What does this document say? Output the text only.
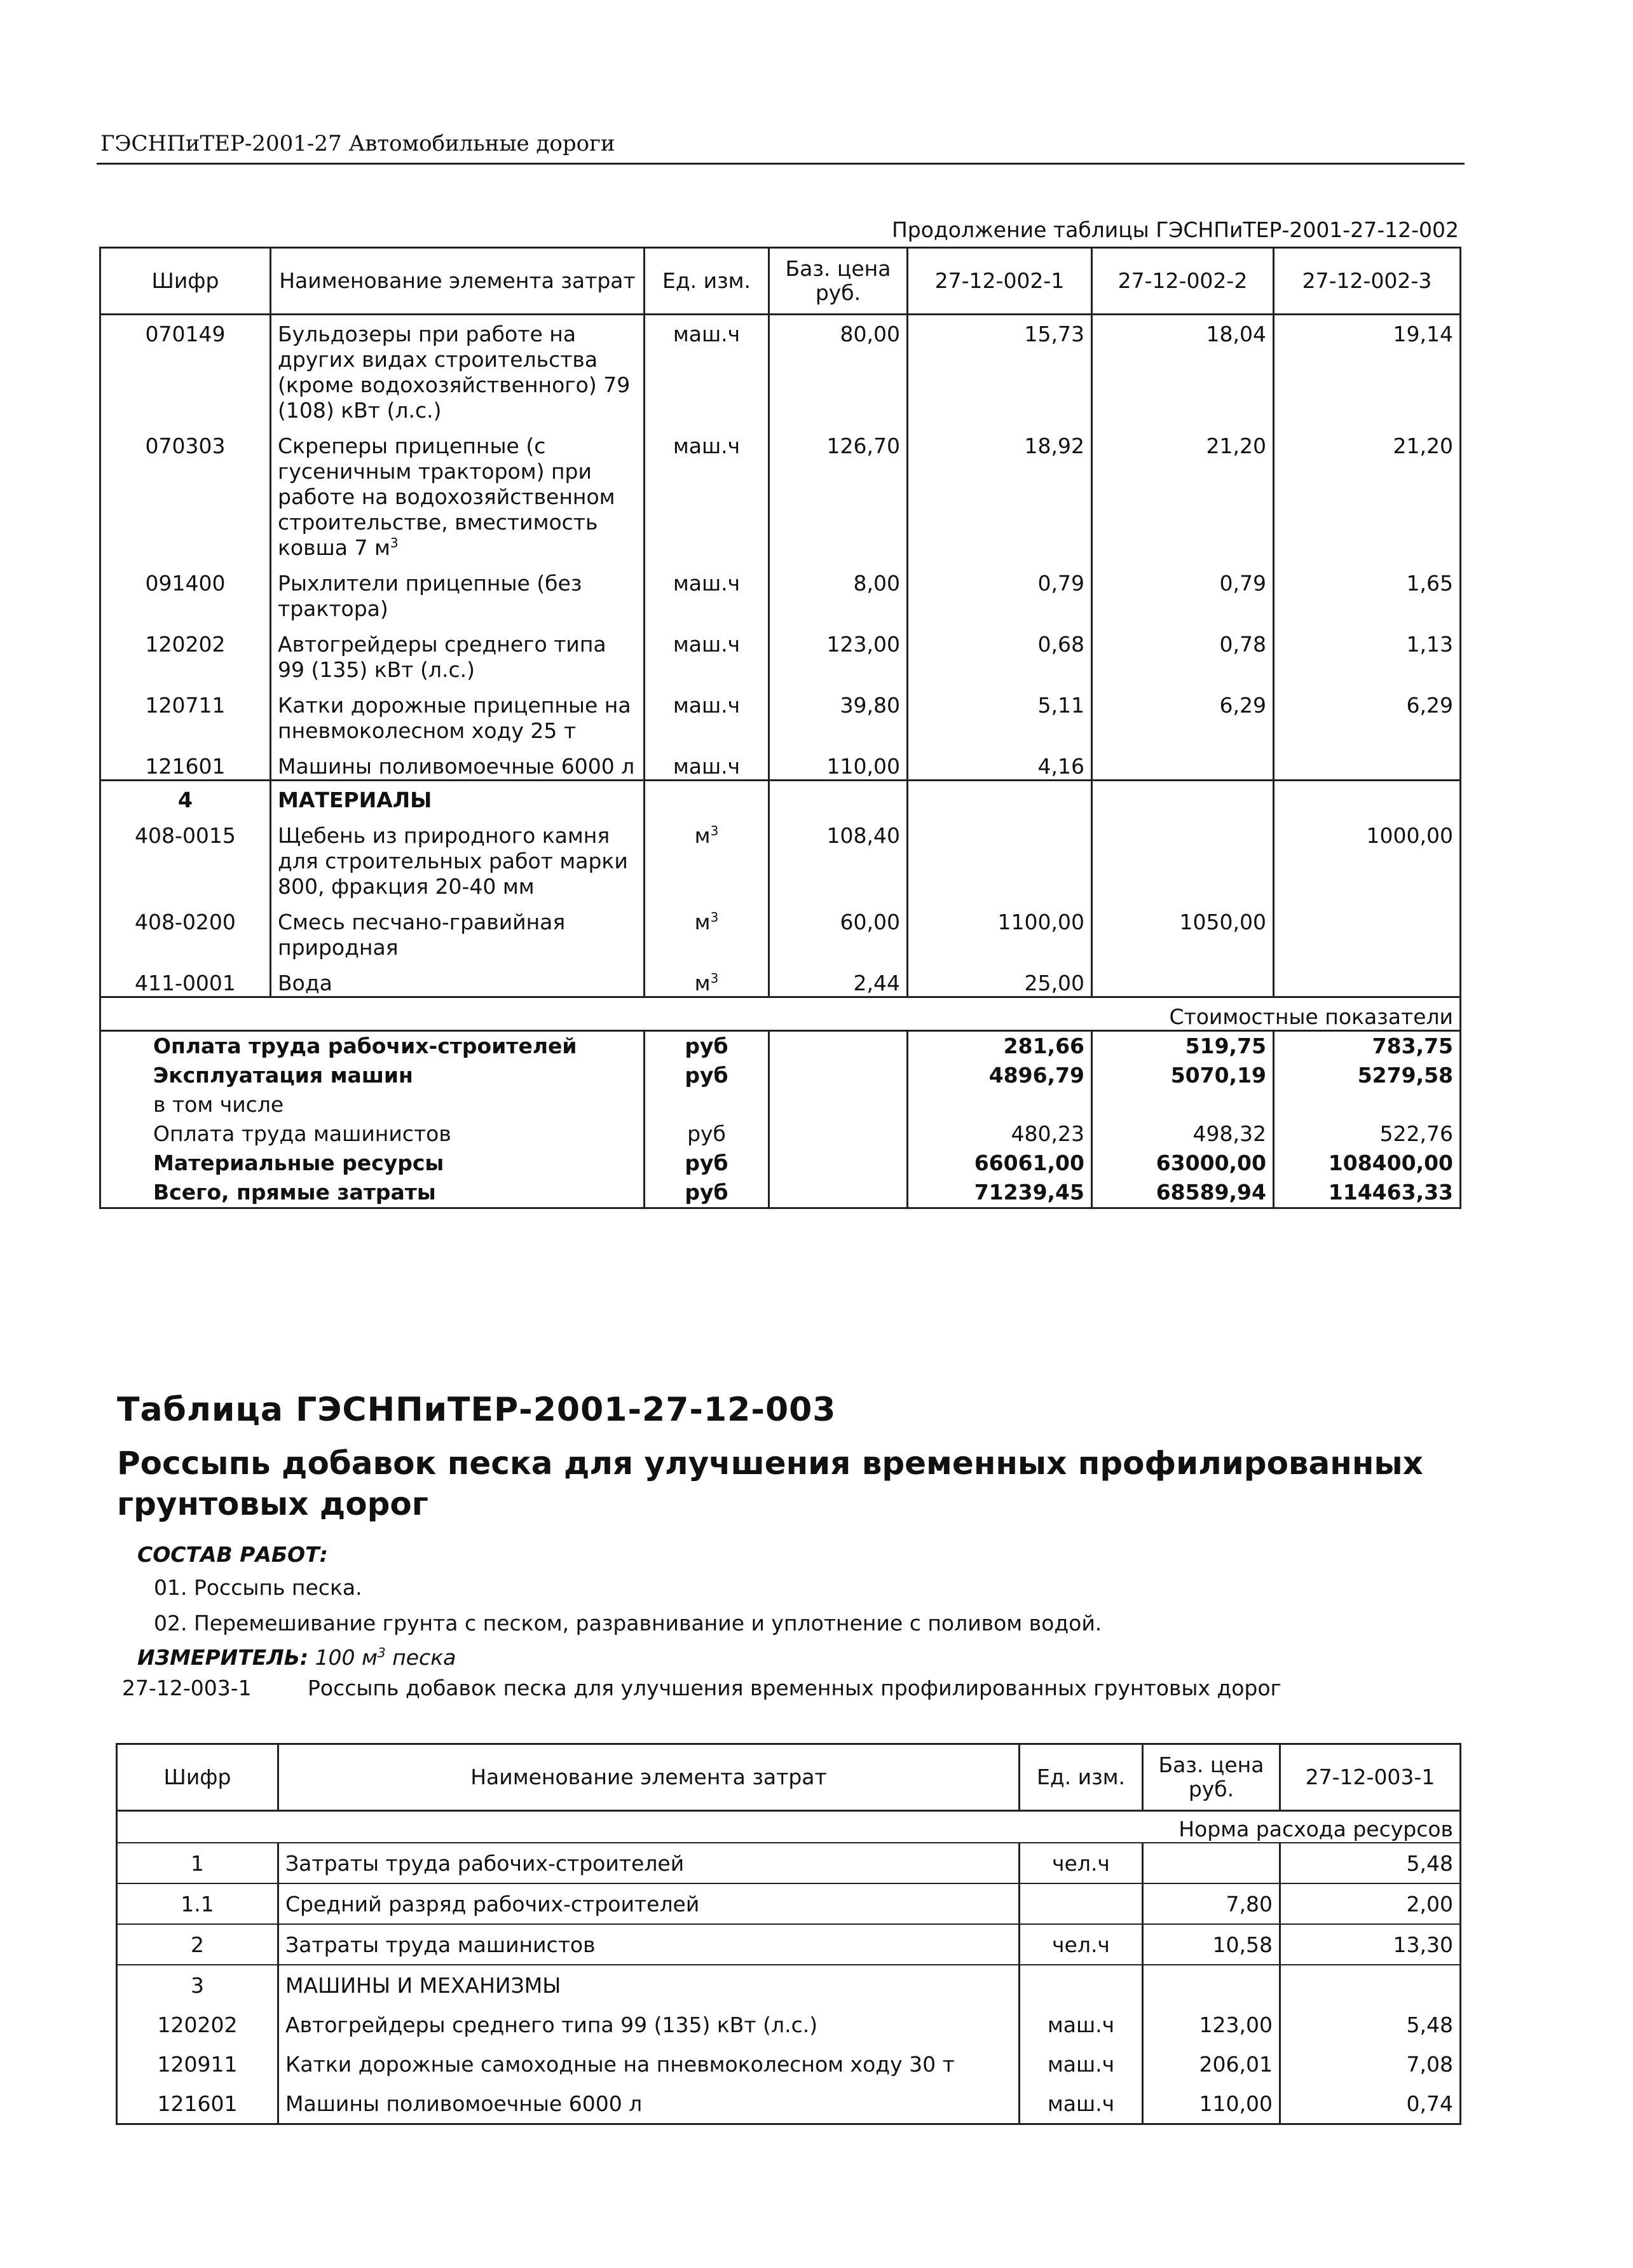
ГЭСНПиТЕР-2001-27 Автомобильные дороги
Продолжение таблицы ГЭСНПиТЕР-2001-27-12-002
Шифр	Наименование элемента затрат	Ед. изм.	Баз. цена руб.	27-12-002-1	27-12-002-2	27-12-002-3
070149	Бульдозеры при работе на других видах строительства (кроме водохозяйственного) 79 (108) кВт (л.с.)	маш.ч	80,00	15,73	18,04	19,14
070303	Скреперы прицепные (с гусеничным трактором) при работе на водохозяйственном строительстве, вместимость ковша 7 $м^3$	маш.ч	126,70	18,92	21,20	21,20
091400	Рыхлители прицепные (без трактора)	маш.ч	8,00	0,79	0,79	1,65
120202	Автогрейдеры среднего типа 99 (135) кВт (л.с.)	маш.ч	123,00	0,68	0,78	1,13
120711	Катки дорожные прицепные на пневмоколесном ходу 25 т	маш.ч	39,80	5,11	6,29	6,29
121601	Машины поливомоечные 6000 л	маш.ч	110,00	4,16		
4	МАТЕРИАЛЫ					
408-0015	Щебень из природного камня для строительных работ марки 800, фракция 20-40 мм	$м^3$	108,40			1000,00
408-0200	Смесь песчано-гравийная природная	$м^3$	60,00	1100,00	1050,00	
411-0001	Вода	$м^3$	2,44	25,00		
Стоимостные показатели						
Оплата труда рабочих-строителей		руб		281,66	519,75	783,75
Эксплуатация машин		руб		4896,79	5070,19	5279,58
в том числе						
Оплата труда машинистов		руб		480,23	498,32	522,76
Материальные ресурсы		руб		66061,00	63000,00	108400,00
Всего, прямые затраты		руб		71239,45	68589,94	114463,33
Таблица ГЭСНПиТЕР-2001-27-12-003
Россыпь добавок песка для улучшения временных профилированных грунтовых дорог
СОСТАВ РАБОТ:
01. Россыпь песка.
02. Перемешивание грунта с песком, разравнивание и уплотнение с поливом водой.
ИЗМЕРИТЕЛЬ: 100 $м^3$ песка
27-12-003-1	Россыпь добавок песка для улучшения временных профилированных грунтовых дорог
Шифр	Наименование элемента затрат	Ед. изм.	Баз. цена руб.	27-12-003-1
Норма расхода ресурсов				
1	Затраты труда рабочих-строителей	чел.ч		5,48
1.1	Средний разряд рабочих-строителей		7,80	2,00
2	Затраты труда машинистов	чел.ч	10,58	13,30
3	МАШИНЫ И МЕХАНИЗМЫ			
120202	Автогрейдеры среднего типа 99 (135) кВт (л.с.)	маш.ч	123,00	5,48
120911	Катки дорожные самоходные на пневмоколесном ходу 30 т	маш.ч	206,01	7,08
121601	Машины поливомоечные 6000 л	маш.ч	110,00	0,74
